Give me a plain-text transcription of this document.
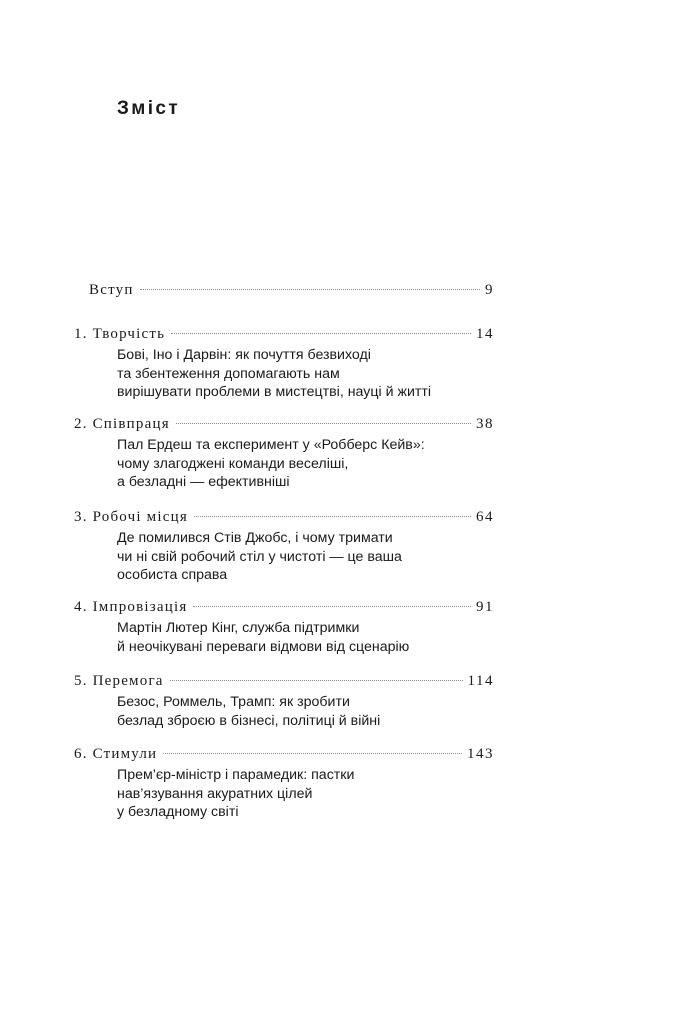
Зміст
Вступ	9
1. Творчість	14
Бові, Іно і Дарвін: як почуття безвиході
та збентеження допомагають нам
вирішувати проблеми в мистецтві, науці й житті
2. Співпраця	38
Пал Ердеш та експеримент у «Робберс Кейв»:
чому злагоджені команди веселіші,
а безладні — ефективніші
3. Робочі місця	64
Де помилився Стів Джобс, і чому тримати
чи ні свій робочий стіл у чистоті — це ваша
особиста справа
4. Імпровізація	91
Мартін Лютер Кінг, служба підтримки
й неочікувані переваги відмови від сценарію
5. Перемога	114
Безос, Роммель, Трамп: як зробити
безлад зброєю в бізнесі, політиці й війні
6. Стимули	143
Прем’єр-міністр і парамедик: пастки
нав’язування акуратних цілей
у безладному світі
